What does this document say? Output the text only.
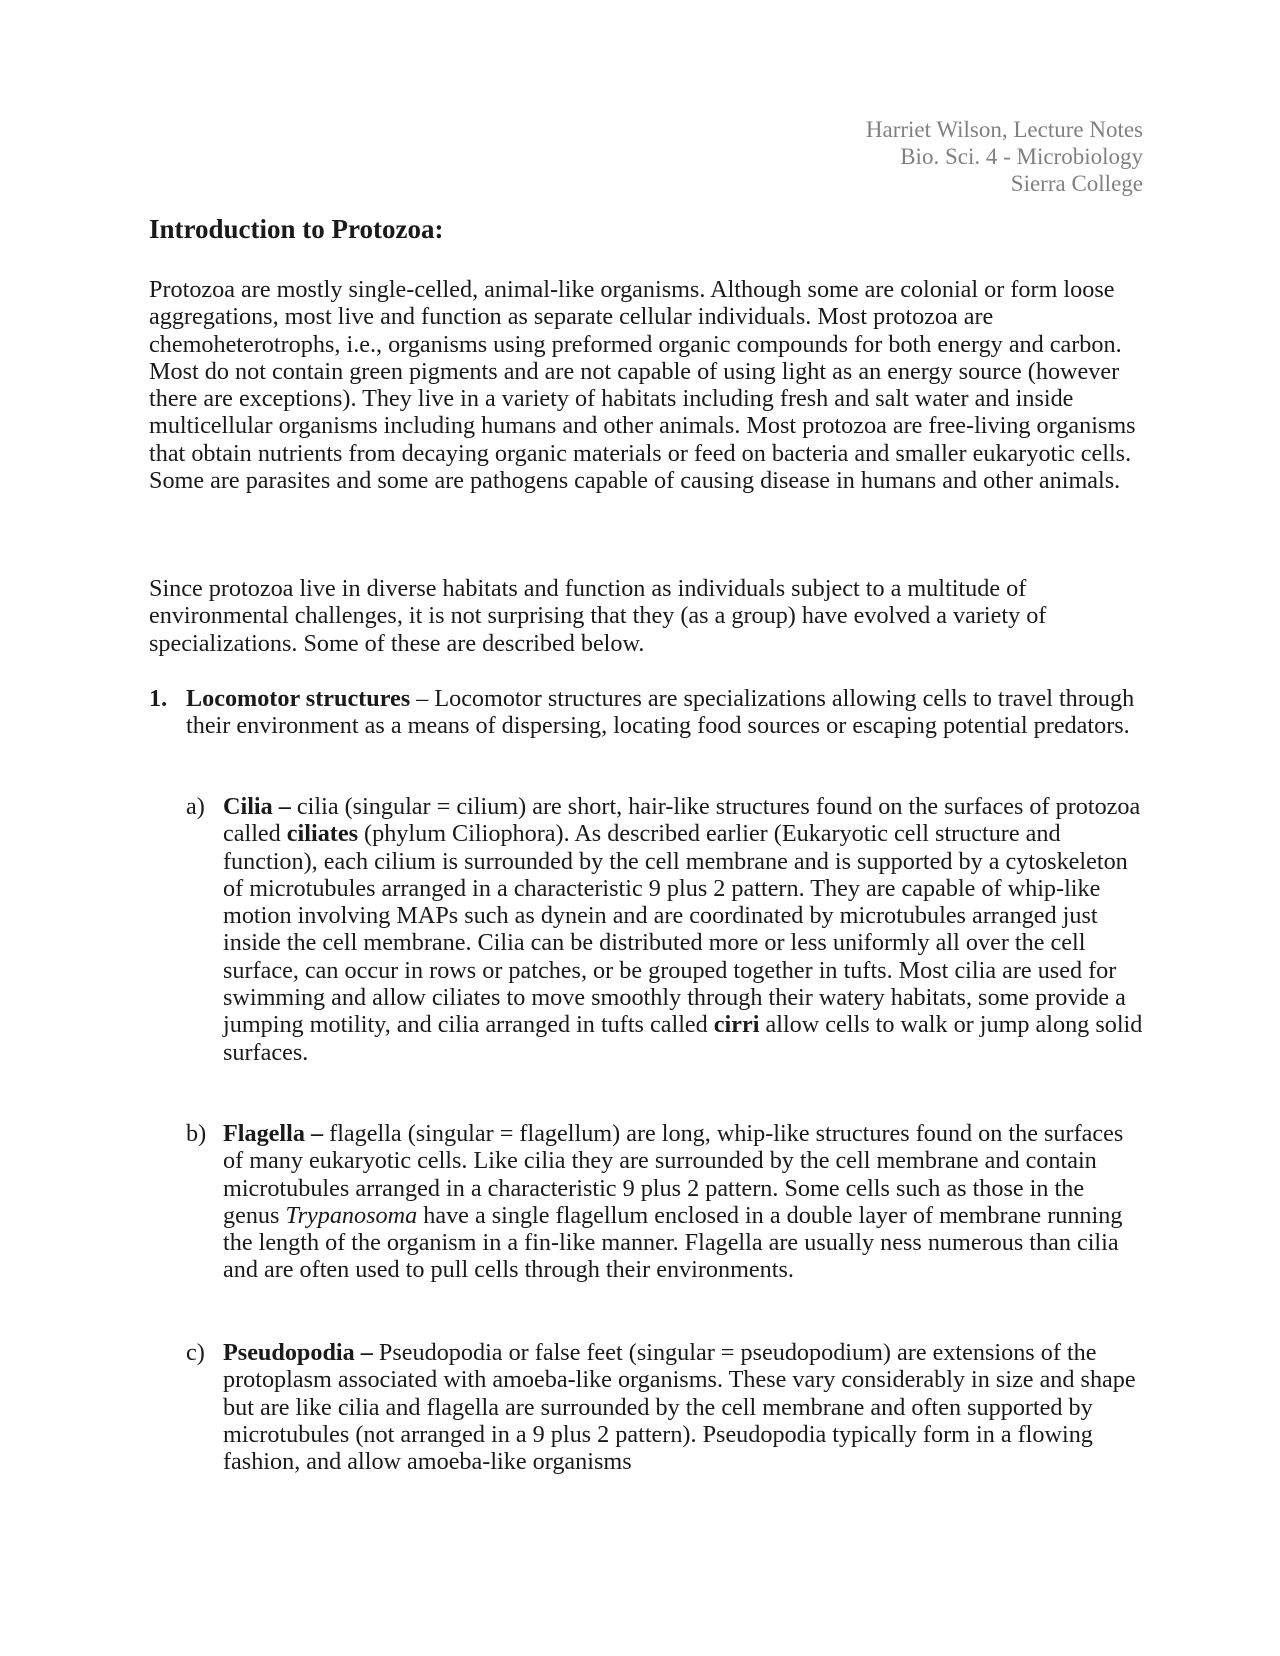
Harriet Wilson, Lecture Notes
Bio. Sci. 4 - Microbiology
Sierra College
Introduction to Protozoa:

Protozoa are mostly single-celled, animal-like organisms. Although some are colonial or form loose aggregations, most live and function as separate cellular individuals. Most protozoa are chemoheterotrophs, i.e., organisms using preformed organic compounds for both energy and carbon. Most do not contain green pigments and are not capable of using light as an energy source (however there are exceptions). They live in a variety of habitats including fresh and salt water and inside multicellular organisms including humans and other animals. Most protozoa are free-living organisms that obtain nutrients from decaying organic materials or feed on bacteria and smaller eukaryotic cells. Some are parasites and some are pathogens capable of causing disease in humans and other animals.

Since protozoa live in diverse habitats and function as individuals subject to a multitude of environmental challenges, it is not surprising that they (as a group) have evolved a variety of specializations. Some of these are described below.

1. Locomotor structures – Locomotor structures are specializations allowing cells to travel through their environment as a means of dispersing, locating food sources or escaping potential predators.
a) Cilia – cilia (singular = cilium) are short, hair-like structures found on the surfaces of protozoa called ciliates (phylum Ciliophora). As described earlier (Eukaryotic cell structure and function), each cilium is surrounded by the cell membrane and is supported by a cytoskeleton of microtubules arranged in a characteristic 9 plus 2 pattern. They are capable of whip-like motion involving MAPs such as dynein and are coordinated by microtubules arranged just inside the cell membrane. Cilia can be distributed more or less uniformly all over the cell surface, can occur in rows or patches, or be grouped together in tufts. Most cilia are used for swimming and allow ciliates to move smoothly through their watery habitats, some provide a jumping motility, and cilia arranged in tufts called cirri allow cells to walk or jump along solid surfaces.
b) Flagella – flagella (singular = flagellum) are long, whip-like structures found on the surfaces of many eukaryotic cells. Like cilia they are surrounded by the cell membrane and contain microtubules arranged in a characteristic 9 plus 2 pattern. Some cells such as those in the genus Trypanosoma have a single flagellum enclosed in a double layer of membrane running the length of the organism in a fin-like manner. Flagella are usually ness numerous than cilia and are often used to pull cells through their environments.
c) Pseudopodia – Pseudopodia or false feet (singular = pseudopodium) are extensions of the protoplasm associated with amoeba-like organisms. These vary considerably in size and shape but are like cilia and flagella are surrounded by the cell membrane and often supported by microtubules (not arranged in a 9 plus 2 pattern). Pseudopodia typically form in a flowing fashion, and allow amoeba-like organisms
